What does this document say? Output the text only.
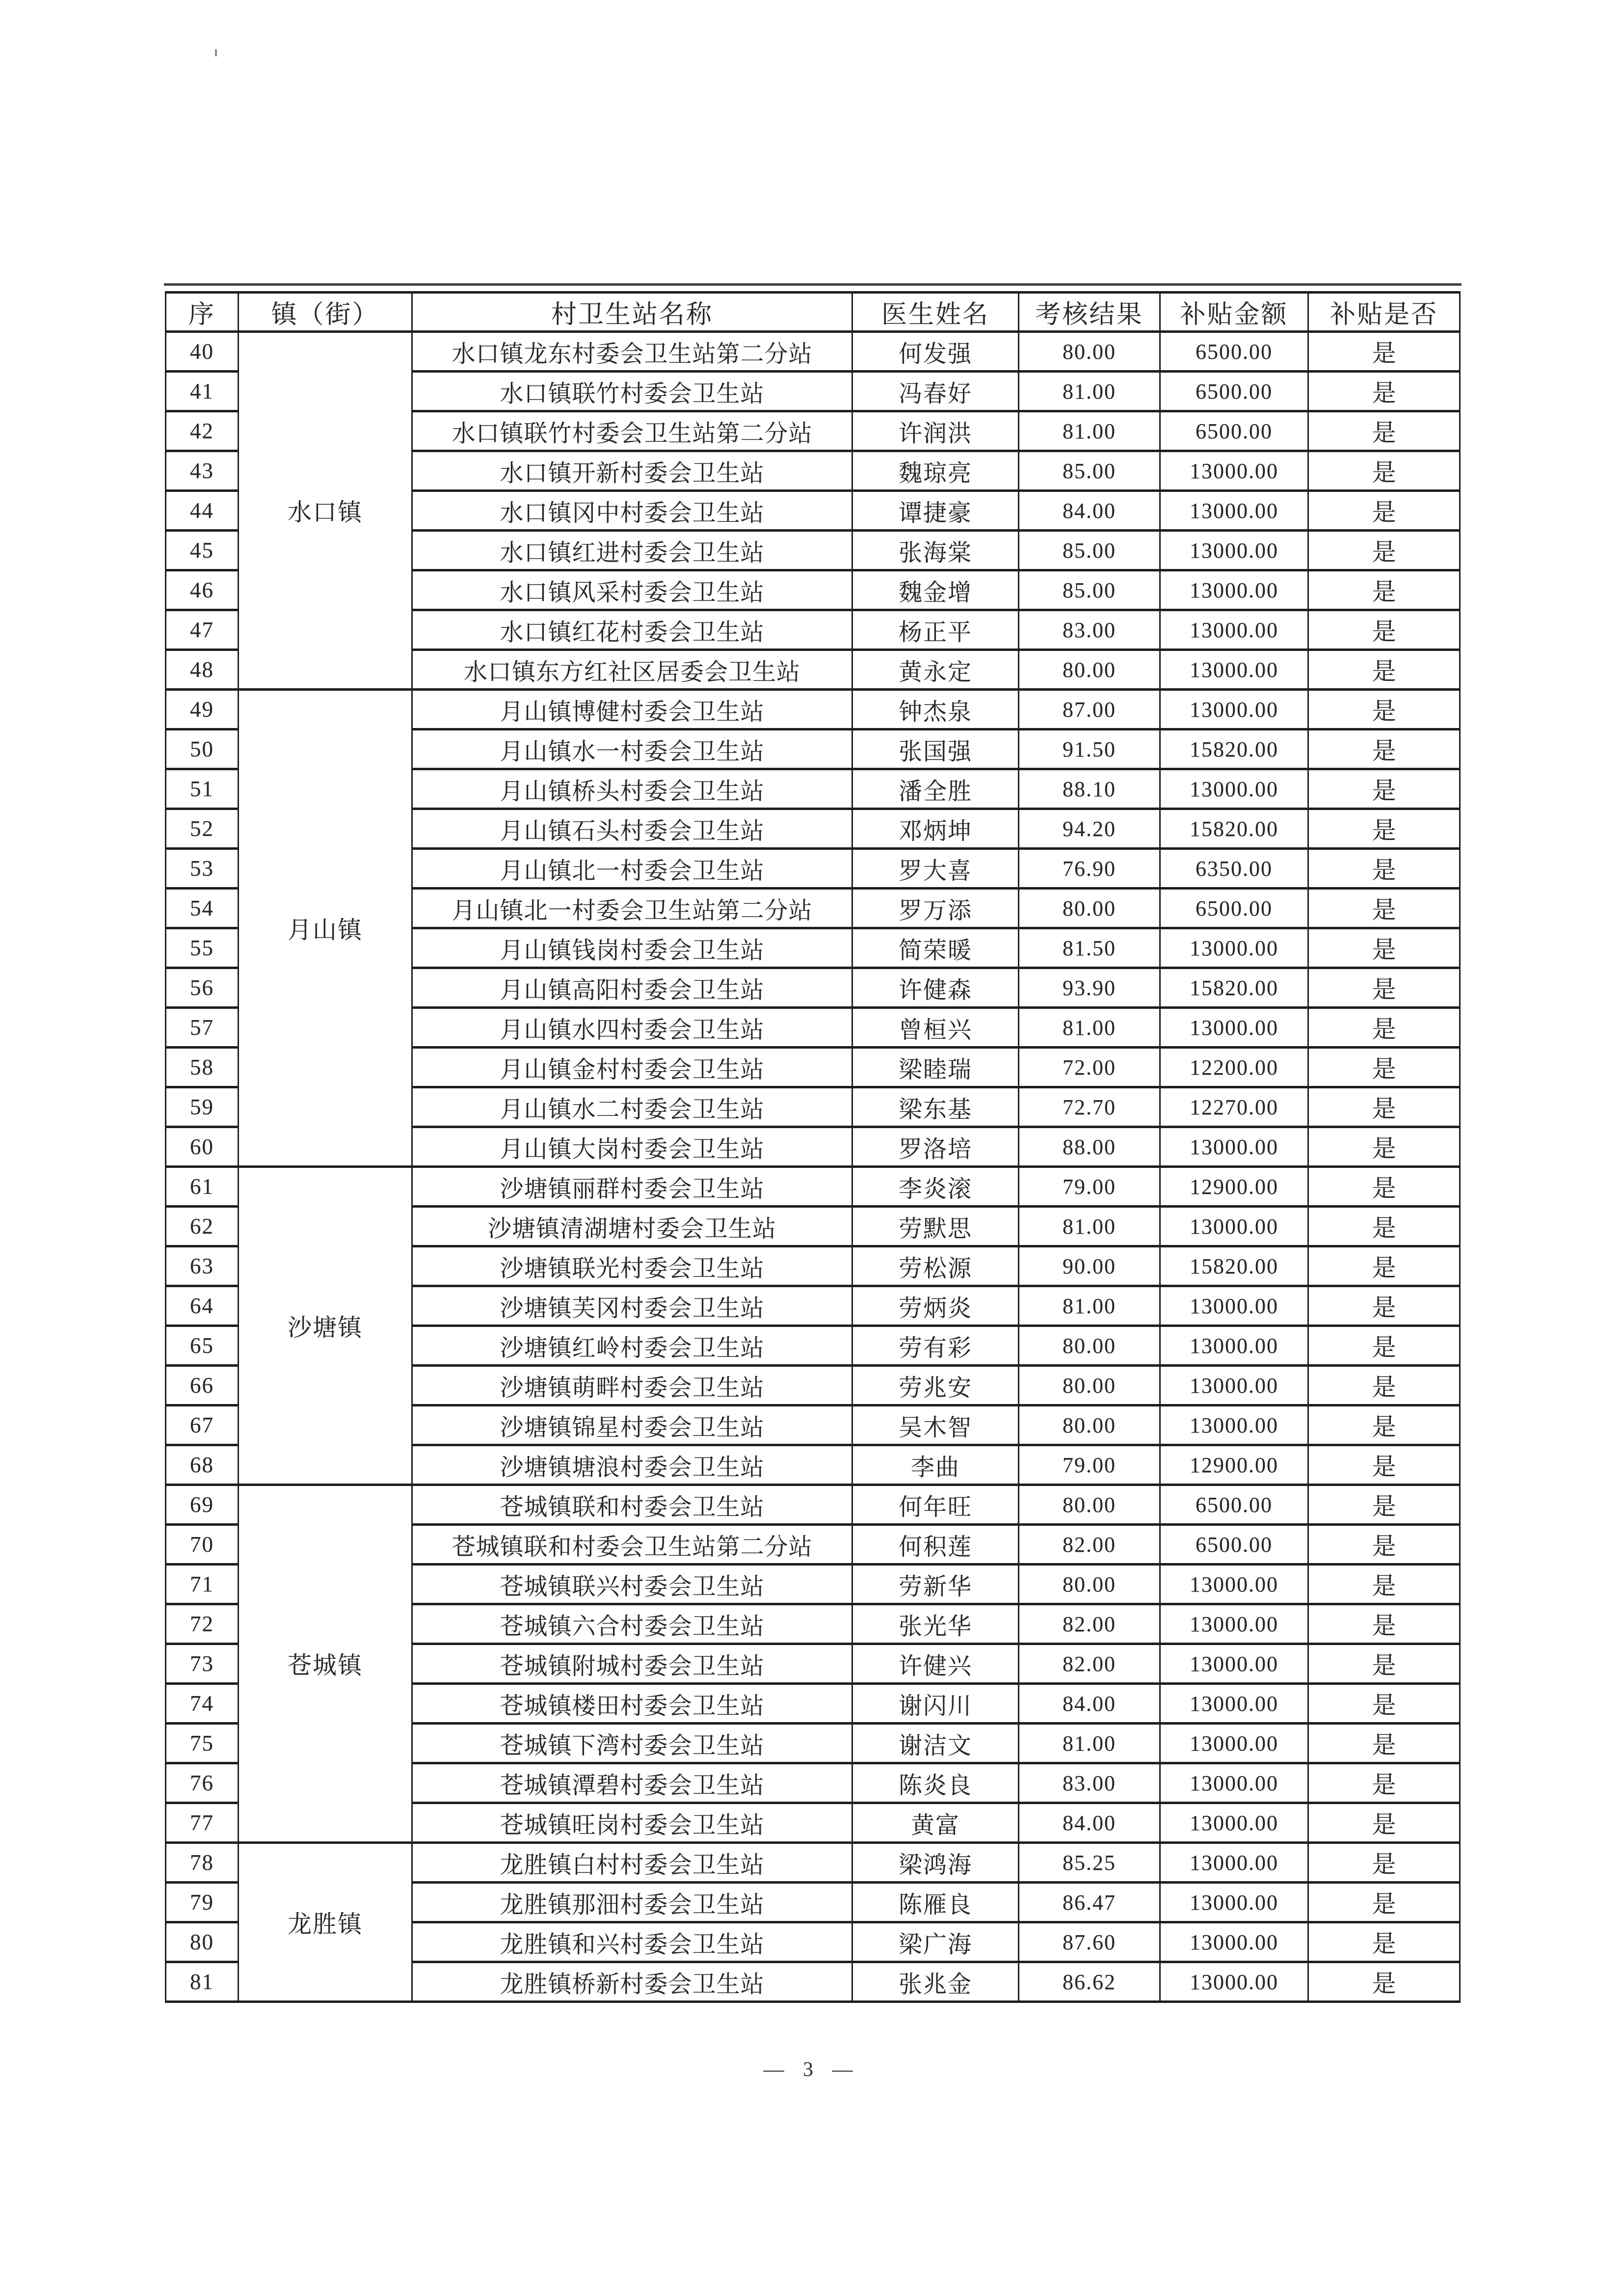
序	镇（街）	村卫生站名称	医生姓名	考核结果	补贴金额	补贴是否
40	水口镇	水口镇龙东村委会卫生站第二分站	何发强	80.00	6500.00	是
41		水口镇联竹村委会卫生站	冯春好	81.00	6500.00	是
42		水口镇联竹村委会卫生站第二分站	许润洪	81.00	6500.00	是
43		水口镇开新村委会卫生站	魏琼亮	85.00	13000.00	是
44		水口镇冈中村委会卫生站	谭捷豪	84.00	13000.00	是
45		水口镇红进村委会卫生站	张海棠	85.00	13000.00	是
46		水口镇风采村委会卫生站	魏金增	85.00	13000.00	是
47		水口镇红花村委会卫生站	杨正平	83.00	13000.00	是
48		水口镇东方红社区居委会卫生站	黄永定	80.00	13000.00	是
49	月山镇	月山镇博健村委会卫生站	钟杰泉	87.00	13000.00	是
50		月山镇水一村委会卫生站	张国强	91.50	15820.00	是
51		月山镇桥头村委会卫生站	潘全胜	88.10	13000.00	是
52		月山镇石头村委会卫生站	邓炳坤	94.20	15820.00	是
53		月山镇北一村委会卫生站	罗大喜	76.90	6350.00	是
54		月山镇北一村委会卫生站第二分站	罗万添	80.00	6500.00	是
55		月山镇钱岗村委会卫生站	简荣暖	81.50	13000.00	是
56		月山镇高阳村委会卫生站	许健森	93.90	15820.00	是
57		月山镇水四村委会卫生站	曾桓兴	81.00	13000.00	是
58		月山镇金村村委会卫生站	梁睦瑞	72.00	12200.00	是
59		月山镇水二村委会卫生站	梁东基	72.70	12270.00	是
60		月山镇大岗村委会卫生站	罗洛培	88.00	13000.00	是
61	沙塘镇	沙塘镇丽群村委会卫生站	李炎滚	79.00	12900.00	是
62		沙塘镇清湖塘村委会卫生站	劳默思	81.00	13000.00	是
63		沙塘镇联光村委会卫生站	劳松源	90.00	15820.00	是
64		沙塘镇芙冈村委会卫生站	劳炳炎	81.00	13000.00	是
65		沙塘镇红岭村委会卫生站	劳有彩	80.00	13000.00	是
66		沙塘镇萌畔村委会卫生站	劳兆安	80.00	13000.00	是
67		沙塘镇锦星村委会卫生站	吴木智	80.00	13000.00	是
68		沙塘镇塘浪村委会卫生站	李曲	79.00	12900.00	是
69	苍城镇	苍城镇联和村委会卫生站	何年旺	80.00	6500.00	是
70		苍城镇联和村委会卫生站第二分站	何积莲	82.00	6500.00	是
71		苍城镇联兴村委会卫生站	劳新华	80.00	13000.00	是
72		苍城镇六合村委会卫生站	张光华	82.00	13000.00	是
73		苍城镇附城村委会卫生站	许健兴	82.00	13000.00	是
74		苍城镇楼田村委会卫生站	谢闪川	84.00	13000.00	是
75		苍城镇下湾村委会卫生站	谢洁文	81.00	13000.00	是
76		苍城镇潭碧村委会卫生站	陈炎良	83.00	13000.00	是
77		苍城镇旺岗村委会卫生站	黄富	84.00	13000.00	是
78	龙胜镇	龙胜镇白村村委会卫生站	梁鸿海	85.25	13000.00	是
79		龙胜镇那沺村委会卫生站	陈雁良	86.47	13000.00	是
80		龙胜镇和兴村委会卫生站	梁广海	87.60	13000.00	是
81		龙胜镇桥新村委会卫生站	张兆金	86.62	13000.00	是
— 3 —
